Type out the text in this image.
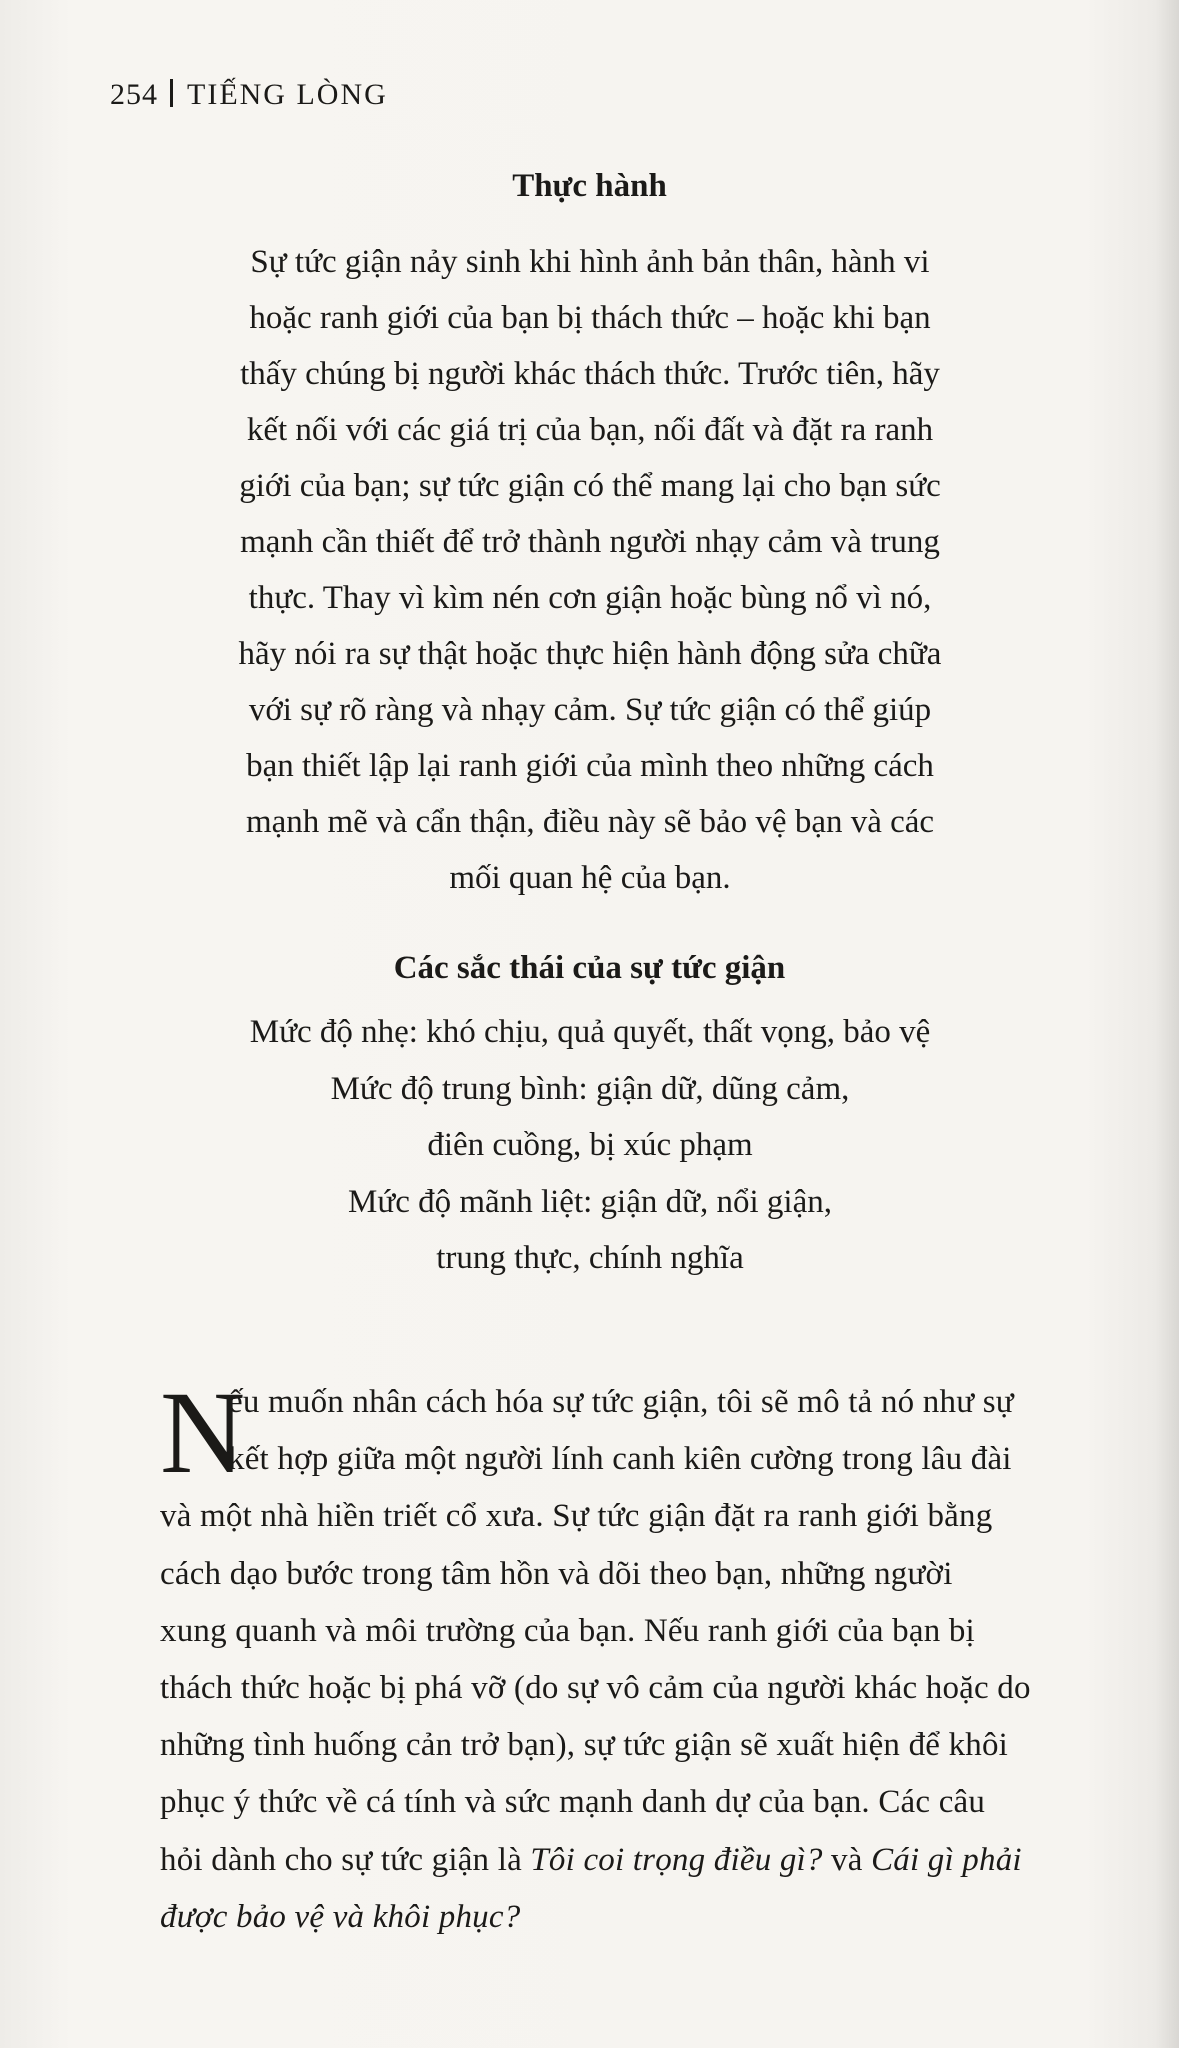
254 TIẾNG LÒNG
Thực hành
Sự tức giận nảy sinh khi hình ảnh bản thân, hành vi
hoặc ranh giới của bạn bị thách thức – hoặc khi bạn
thấy chúng bị người khác thách thức. Trước tiên, hãy
kết nối với các giá trị của bạn, nối đất và đặt ra ranh
giới của bạn; sự tức giận có thể mang lại cho bạn sức
mạnh cần thiết để trở thành người nhạy cảm và trung
thực. Thay vì kìm nén cơn giận hoặc bùng nổ vì nó,
hãy nói ra sự thật hoặc thực hiện hành động sửa chữa
với sự rõ ràng và nhạy cảm. Sự tức giận có thể giúp
bạn thiết lập lại ranh giới của mình theo những cách
mạnh mẽ và cẩn thận, điều này sẽ bảo vệ bạn và các
mối quan hệ của bạn.
Các sắc thái của sự tức giận
Mức độ nhẹ: khó chịu, quả quyết, thất vọng, bảo vệ
Mức độ trung bình: giận dữ, dũng cảm,
điên cuồng, bị xúc phạm
Mức độ mãnh liệt: giận dữ, nổi giận,
trung thực, chính nghĩa
N
ếu muốn nhân cách hóa sự tức giận, tôi sẽ mô tả nó như sự
kết hợp giữa một người lính canh kiên cường trong lâu đài
và một nhà hiền triết cổ xưa. Sự tức giận đặt ra ranh giới bằng
cách dạo bước trong tâm hồn và dõi theo bạn, những người
xung quanh và môi trường của bạn. Nếu ranh giới của bạn bị
thách thức hoặc bị phá vỡ (do sự vô cảm của người khác hoặc do
những tình huống cản trở bạn), sự tức giận sẽ xuất hiện để khôi
phục ý thức về cá tính và sức mạnh danh dự của bạn. Các câu
hỏi dành cho sự tức giận là Tôi coi trọng điều gì? và Cái gì phải
được bảo vệ và khôi phục?
